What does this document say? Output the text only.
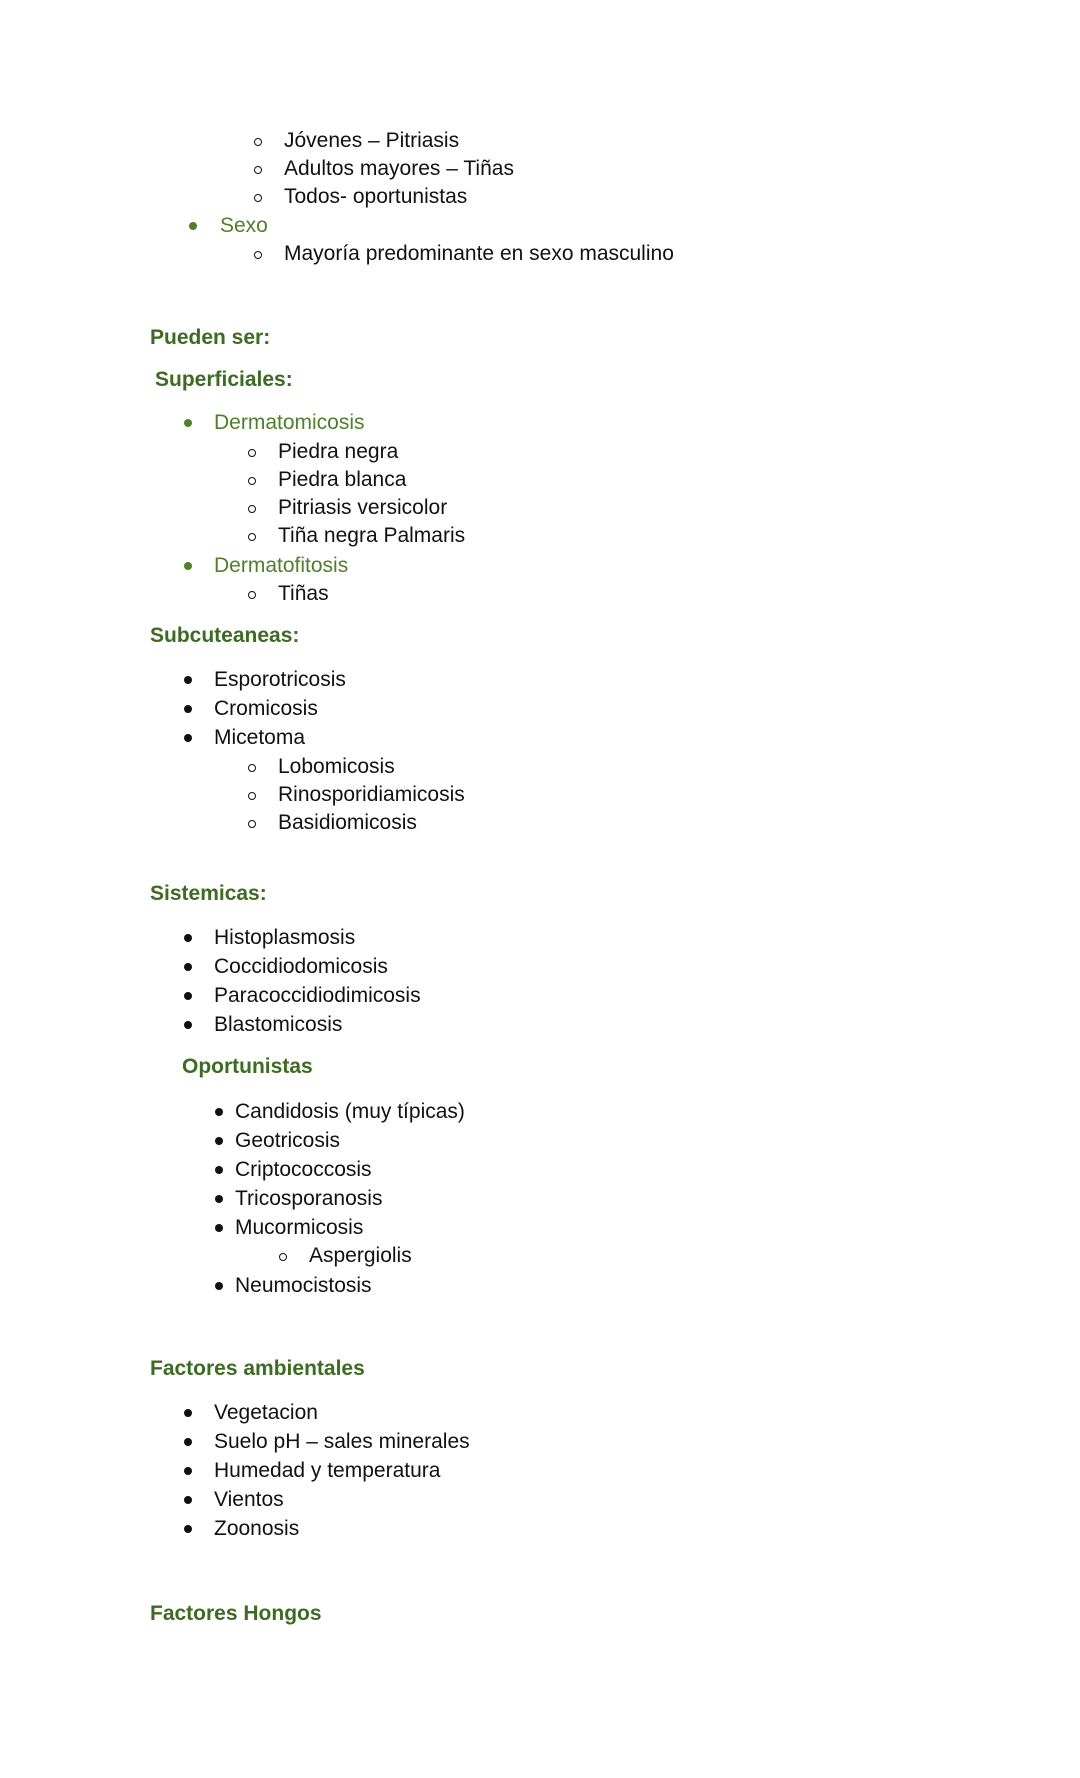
Jóvenes – Pitriasis
Adultos mayores – Tiñas
Todos- oportunistas
Sexo
Mayoría predominante en sexo masculino
Pueden ser:
Superficiales:
Dermatomicosis
Piedra negra
Piedra blanca
Pitriasis versicolor
Tiña negra Palmaris
Dermatofitosis
Tiñas
Subcuteaneas:
Esporotricosis
Cromicosis
Micetoma
Lobomicosis
Rinosporidiamicosis
Basidiomicosis
Sistemicas:
Histoplasmosis
Coccidiodomicosis
Paracoccidiodimicosis
Blastomicosis
Oportunistas
Candidosis (muy típicas)
Geotricosis
Criptococcosis
Tricosporanosis
Mucormicosis
Aspergiolis
Neumocistosis
Factores ambientales
Vegetacion
Suelo pH – sales minerales
Humedad y temperatura
Vientos
Zoonosis
Factores Hongos
